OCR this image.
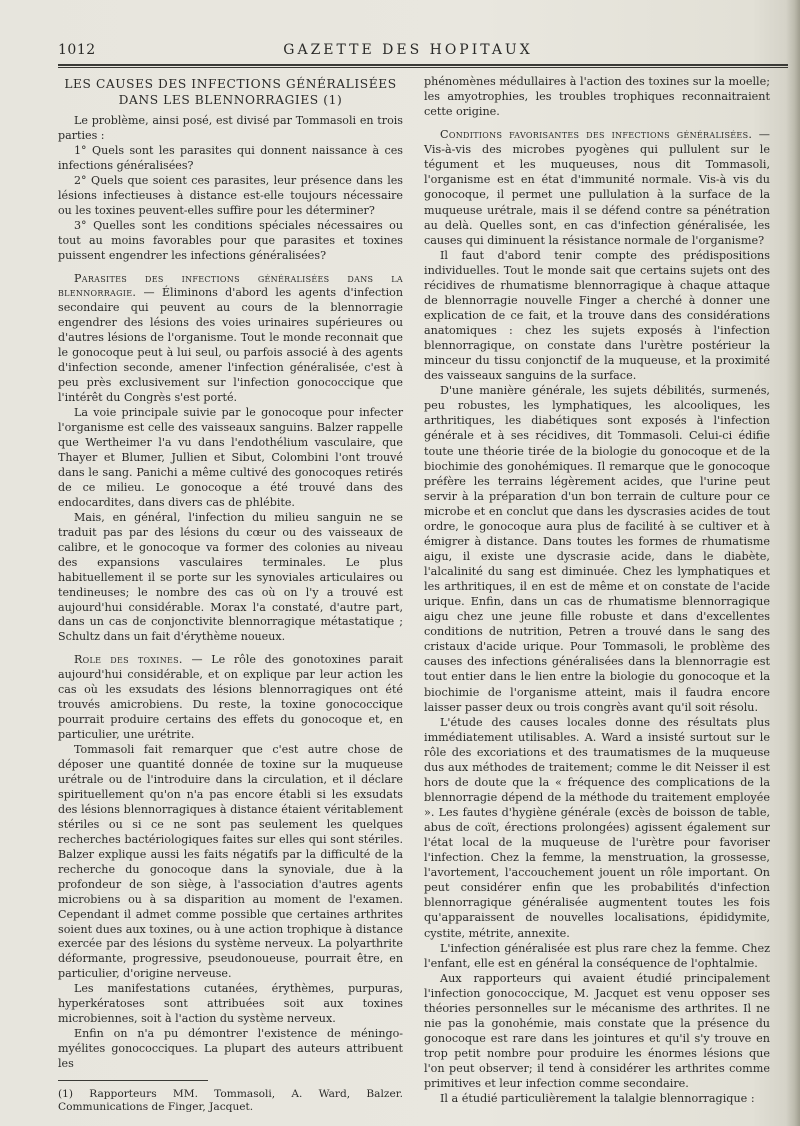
1012	GAZETTE DES HOPITAUX
LES CAUSES DES INFECTIONS GÉNÉRALISÉES
DANS LES BLENNORRAGIES (1)

Le problème, ainsi posé, est divisé par Tommasoli en trois parties :

1° Quels sont les parasites qui donnent naissance à ces infections généralisées?

2° Quels que soient ces parasites, leur présence dans les lésions infectieuses à distance est-elle toujours nécessaire ou les toxines peuvent-elles suffire pour les déterminer?

3° Quelles sont les conditions spéciales nécessaires ou tout au moins favorables pour que parasites et toxines puissent engendrer les infections généralisées?

Parasites des infections généralisées dans la blennorragie. — Éliminons d'abord les agents d'infection secondaire qui peuvent au cours de la blennorragie engendrer des lésions des voies urinaires supérieures ou d'autres lésions de l'organisme. Tout le monde reconnait que le gonocoque peut à lui seul, ou parfois associé à des agents d'infection seconde, amener l'infection généralisée, c'est à peu près exclusivement sur l'infection gonococcique que l'intérêt du Congrès s'est porté.

La voie principale suivie par le gonocoque pour infecter l'organisme est celle des vaisseaux sanguins. Balzer rappelle que Wertheimer l'a vu dans l'endothélium vasculaire, que Thayer et Blumer, Jullien et Sibut, Colombini l'ont trouvé dans le sang. Panichi a même cultivé des gonocoques retirés de ce milieu. Le gonocoque a été trouvé dans des endocardites, dans divers cas de phlébite.

Mais, en général, l'infection du milieu sanguin ne se traduit pas par des lésions du cœur ou des vaisseaux de calibre, et le gonocoque va former des colonies au niveau des expansions vasculaires terminales. Le plus habituellement il se porte sur les synoviales articulaires ou tendineuses; le nombre des cas où on l'y a trouvé est aujourd'hui considérable. Morax l'a constaté, d'autre part, dans un cas de conjonctivite blennorragique métastatique ; Schultz dans un fait d'érythème noueux.

Role des toxines. — Le rôle des gonotoxines parait aujourd'hui considérable, et on explique par leur action les cas où les exsudats des lésions blennorragiques ont été trouvés amicrobiens. Du reste, la toxine gonococcique pourrait produire certains des effets du gonocoque et, en particulier, une urétrite.

Tommasoli fait remarquer que c'est autre chose de déposer une quantité donnée de toxine sur la muqueuse urétrale ou de l'introduire dans la circulation, et il déclare spirituellement qu'on n'a pas encore établi si les exsudats des lésions blennorragiques à distance étaient véritablement stériles ou si ce ne sont pas seulement les quelques recherches bactériologiques faites sur elles qui sont stériles. Balzer explique aussi les faits négatifs par la difficulté de la recherche du gonocoque dans la synoviale, due à la profondeur de son siège, à l'association d'autres agents microbiens ou à sa disparition au moment de l'examen. Cependant il admet comme possible que certaines arthrites soient dues aux toxines, ou à une action trophique à distance exercée par des lésions du système nerveux. La polyarthrite déformante, progressive, pseudonoueuse, pourrait être, en particulier, d'origine nerveuse.

Les manifestations cutanées, érythèmes, purpuras, hyperkératoses sont attribuées soit aux toxines microbiennes, soit à l'action du système nerveux.

Enfin on n'a pu démontrer l'existence de méningo-myélites gonococciques. La plupart des auteurs attribuent les

(1) Rapporteurs MM. Tommasoli, A. Ward, Balzer. Communications de Finger, Jacquet.

phénomènes médullaires à l'action des toxines sur la moelle; les amyotrophies, les troubles trophiques reconnaitraient cette origine.

Conditions favorisantes des infections généralisées. — Vis-à-vis des microbes pyogènes qui pullulent sur le tégument et les muqueuses, nous dit Tommasoli, l'organisme est en état d'immunité normale. Vis-à vis du gonocoque, il permet une pullulation à la surface de la muqueuse urétrale, mais il se défend contre sa pénétration au delà. Quelles sont, en cas d'infection généralisée, les causes qui diminuent la résistance normale de l'organisme?

Il faut d'abord tenir compte des prédispositions individuelles. Tout le monde sait que certains sujets ont des récidives de rhumatisme blennorragique à chaque attaque de blennorragie nouvelle Finger a cherché à donner une explication de ce fait, et la trouve dans des considérations anatomiques : chez les sujets exposés à l'infection blennorragique, on constate dans l'urètre postérieur la minceur du tissu conjonctif de la muqueuse, et la proximité des vaisseaux sanguins de la surface.

D'une manière générale, les sujets débilités, surmenés, peu robustes, les lymphatiques, les alcooliques, les arthritiques, les diabétiques sont exposés à l'infection générale et à ses récidives, dit Tommasoli. Celui-ci édifie toute une théorie tirée de la biologie du gonocoque et de la biochimie des gonohémiques. Il remarque que le gonocoque préfère les terrains légèrement acides, que l'urine peut servir à la préparation d'un bon terrain de culture pour ce microbe et en conclut que dans les dyscrasies acides de tout ordre, le gonocoque aura plus de facilité à se cultiver et à émigrer à distance. Dans toutes les formes de rhumatisme aigu, il existe une dyscrasie acide, dans le diabète, l'alcalinité du sang est diminuée. Chez les lymphatiques et les arthritiques, il en est de même et on constate de l'acide urique. Enfin, dans un cas de rhumatisme blennorragique aigu chez une jeune fille robuste et dans d'excellentes conditions de nutrition, Petren a trouvé dans le sang des cristaux d'acide urique. Pour Tommasoli, le problème des causes des infections généralisées dans la blennorragie est tout entier dans le lien entre la biologie du gonocoque et la biochimie de l'organisme atteint, mais il faudra encore laisser passer deux ou trois congrès avant qu'il soit résolu.

L'étude des causes locales donne des résultats plus immédiatement utilisables. A. Ward a insisté surtout sur le rôle des excoriations et des traumatismes de la muqueuse dus aux méthodes de traitement; comme le dit Neisser il est hors de doute que la « fréquence des complications de la blennorragie dépend de la méthode du traitement employée ». Les fautes d'hygiène générale (excès de boisson de table, abus de coït, érections prolongées) agissent également sur l'état local de la muqueuse de l'urètre pour favoriser l'infection. Chez la femme, la menstruation, la grossesse, l'avortement, l'accouchement jouent un rôle important. On peut considérer enfin que les probabilités d'infection blennorragique généralisée augmentent toutes les fois qu'apparaissent de nouvelles localisations, épididymite, cystite, métrite, annexite.

L'infection généralisée est plus rare chez la femme. Chez l'enfant, elle est en général la conséquence de l'ophtalmie.

Aux rapporteurs qui avaient étudié principalement l'infection gonococcique, M. Jacquet est venu opposer ses théories personnelles sur le mécanisme des arthrites. Il ne nie pas la gonohémie, mais constate que la présence du gonocoque est rare dans les jointures et qu'il s'y trouve en trop petit nombre pour produire les énormes lésions que l'on peut observer; il tend à considérer les arthrites comme primitives et leur infection comme secondaire.

Il a étudié particulièrement la talalgie blennorragique :
